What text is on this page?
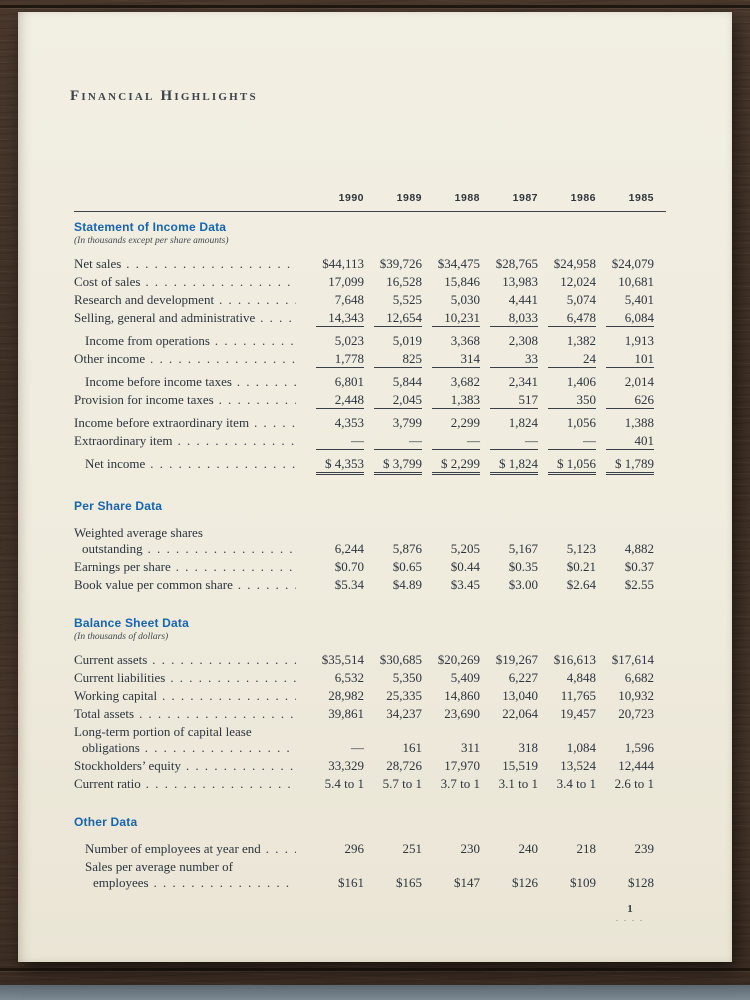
Financial Highlights
1990	1989	1988	1987	1986	1985
Statement of Income Data
(In thousands except per share amounts)
Net sales . . .	$44,113	$39,726	$34,475	$28,765	$24,958	$24,079
Cost of sales . . .	17,099	16,528	15,846	13,983	12,024	10,681
Research and development . . .	7,648	5,525	5,030	4,441	5,074	5,401
Selling, general and administrative . . .	14,343	12,654	10,231	8,033	6,478	6,084
Income from operations . . .	5,023	5,019	3,368	2,308	1,382	1,913
Other income . . .	1,778	825	314	33	24	101
Income before income taxes . . .	6,801	5,844	3,682	2,341	1,406	2,014
Provision for income taxes . . .	2,448	2,045	1,383	517	350	626
Income before extraordinary item . . .	4,353	3,799	2,299	1,824	1,056	1,388
Extraordinary item . . .	—	—	—	—	—	401
Net income . . .	$ 4,353	$ 3,799	$ 2,299	$ 1,824	$ 1,056	$ 1,789
Per Share Data
Weighted average shares
outstanding . . .	6,244	5,876	5,205	5,167	5,123	4,882
Earnings per share . . .	$0.70	$0.65	$0.44	$0.35	$0.21	$0.37
Book value per common share . . .	$5.34	$4.89	$3.45	$3.00	$2.64	$2.55
Balance Sheet Data
(In thousands of dollars)
Current assets . . .	$35,514	$30,685	$20,269	$19,267	$16,613	$17,614
Current liabilities . . .	6,532	5,350	5,409	6,227	4,848	6,682
Working capital . . .	28,982	25,335	14,860	13,040	11,765	10,932
Total assets . . .	39,861	34,237	23,690	22,064	19,457	20,723
Long-term portion of capital lease
obligations . . .	—	161	311	318	1,084	1,596
Stockholders’ equity . . .	33,329	28,726	17,970	15,519	13,524	12,444
Current ratio . . .	5.4 to 1	5.7 to 1	3.7 to 1	3.1 to 1	3.4 to 1	2.6 to 1
Other Data
Number of employees at year end . . .	296	251	230	240	218	239
Sales per average number of
employees . . .	$161	$165	$147	$126	$109	$128
1
. . . .
